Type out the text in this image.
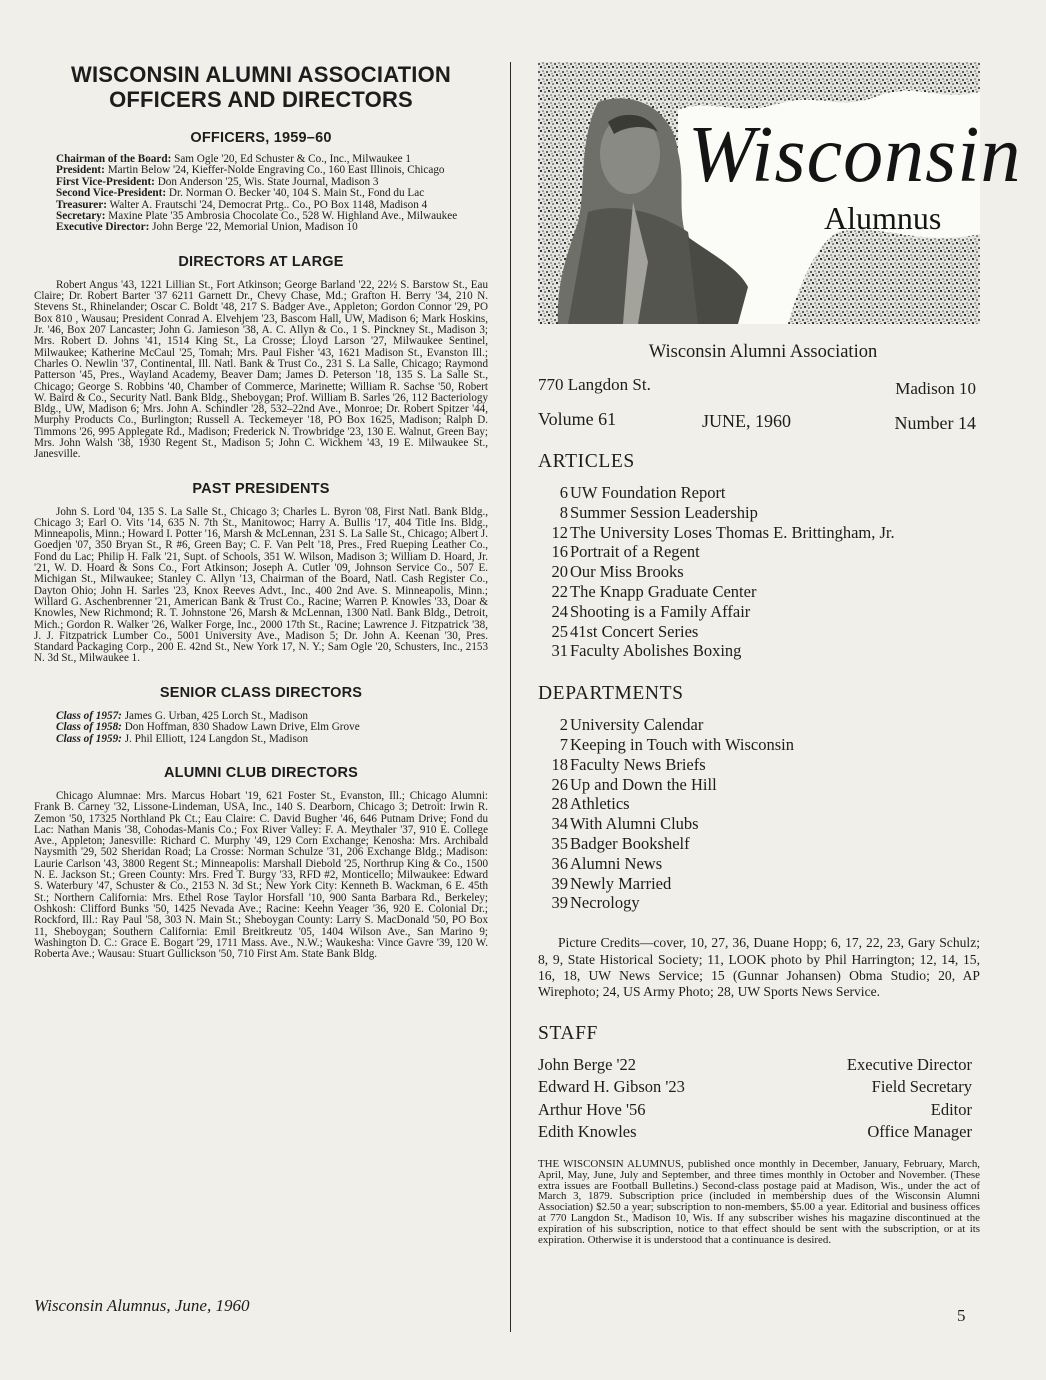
WISCONSIN ALUMNI ASSOCIATION
OFFICERS AND DIRECTORS
OFFICERS, 1959–60

Chairman of the Board: Sam Ogle '20, Ed Schuster & Co., Inc., Milwaukee 1

President: Martin Below '24, Kieffer-Nolde Engraving Co., 160 East Illinois, Chicago

First Vice-President: Don Anderson '25, Wis. State Journal, Madison 3

Second Vice-President: Dr. Norman O. Becker '40, 104 S. Main St., Fond du Lac

Treasurer: Walter A. Frautschi '24, Democrat Prtg.. Co., PO Box 1148, Madison 4

Secretary: Maxine Plate '35 Ambrosia Chocolate Co., 528 W. Highland Ave., Milwaukee

Executive Director: John Berge '22, Memorial Union, Madison 10

DIRECTORS AT LARGE

Robert Angus '43, 1221 Lillian St., Fort Atkinson; George Barland '22, 22½ S. Barstow St., Eau Claire; Dr. Robert Barter '37 6211 Garnett Dr., Chevy Chase, Md.; Grafton H. Berry '34, 210 N. Stevens St., Rhinelander; Oscar C. Boldt '48, 217 S. Badger Ave., Appleton; Gordon Connor '29, PO Box 810 , Wausau; President Conrad A. Elvehjem '23, Bascom Hall, UW, Madison 6; Mark Hoskins, Jr. '46, Box 207 Lancaster; John G. Jamieson '38, A. C. Allyn & Co., 1 S. Pinckney St., Madison 3; Mrs. Robert D. Johns '41, 1514 King St., La Crosse; Lloyd Larson '27, Milwaukee Sentinel, Milwaukee; Katherine McCaul '25, Tomah; Mrs. Paul Fisher '43, 1621 Madison St., Evanston Ill.; Charles O. Newlin '37, Continental, Ill. Natl. Bank & Trust Co., 231 S. La Salle, Chicago; Raymond Patterson '45, Pres., Wayland Academy, Beaver Dam; James D. Peterson '18, 135 S. La Salle St., Chicago; George S. Robbins '40, Chamber of Commerce, Marinette; William R. Sachse '50, Robert W. Baird & Co., Security Natl. Bank Bldg., Sheboygan; Prof. William B. Sarles '26, 112 Bacteriology Bldg., UW, Madison 6; Mrs. John A. Schindler '28, 532–22nd Ave., Monroe; Dr. Robert Spitzer '44, Murphy Products Co., Burlington; Russell A. Teckemeyer '18, PO Box 1625, Madison; Ralph D. Timmons '26, 995 Applegate Rd., Madison; Frederick N. Trowbridge '23, 130 E. Walnut, Green Bay; Mrs. John Walsh '38, 1930 Regent St., Madison 5; John C. Wickhem '43, 19 E. Milwaukee St., Janesville.

PAST PRESIDENTS

John S. Lord '04, 135 S. La Salle St., Chicago 3; Charles L. Byron '08, First Natl. Bank Bldg., Chicago 3; Earl O. Vits '14, 635 N. 7th St., Manitowoc; Harry A. Bullis '17, 404 Title Ins. Bldg., Minneapolis, Minn.; Howard I. Potter '16, Marsh & McLennan, 231 S. La Salle St., Chicago; Albert J. Goedjen '07, 350 Bryan St., R #6, Green Bay; C. F. Van Pelt '18, Pres., Fred Rueping Leather Co., Fond du Lac; Philip H. Falk '21, Supt. of Schools, 351 W. Wilson, Madison 3; William D. Hoard, Jr. '21, W. D. Hoard & Sons Co., Fort Atkinson; Joseph A. Cutler '09, Johnson Service Co., 507 E. Michigan St., Milwaukee; Stanley C. Allyn '13, Chairman of the Board, Natl. Cash Register Co., Dayton Ohio; John H. Sarles '23, Knox Reeves Advt., Inc., 400 2nd Ave. S. Minneapolis, Minn.; Willard G. Aschenbrenner '21, American Bank & Trust Co., Racine; Warren P. Knowles '33, Doar & Knowles, New Richmond; R. T. Johnstone '26, Marsh & McLennan, 1300 Natl. Bank Bldg., Detroit, Mich.; Gordon R. Walker '26, Walker Forge, Inc., 2000 17th St., Racine; Lawrence J. Fitzpatrick '38, J. J. Fitzpatrick Lumber Co., 5001 University Ave., Madison 5; Dr. John A. Keenan '30, Pres. Standard Packaging Corp., 200 E. 42nd St., New York 17, N. Y.; Sam Ogle '20, Schusters, Inc., 2153 N. 3d St., Milwaukee 1.

SENIOR CLASS DIRECTORS

Class of 1957: James G. Urban, 425 Lorch St., Madison

Class of 1958: Don Hoffman, 830 Shadow Lawn Drive, Elm Grove

Class of 1959: J. Phil Elliott, 124 Langdon St., Madison

ALUMNI CLUB DIRECTORS

Chicago Alumnae: Mrs. Marcus Hobart '19, 621 Foster St., Evanston, Ill.; Chicago Alumni: Frank B. Carney '32, Lissone-Lindeman, USA, Inc., 140 S. Dearborn, Chicago 3; Detroit: Irwin R. Zemon '50, 17325 Northland Pk Ct.; Eau Claire: C. David Bugher '46, 646 Putnam Drive; Fond du Lac: Nathan Manis '38, Cohodas-Manis Co.; Fox River Valley: F. A. Meythaler '37, 910 E. College Ave., Appleton; Janesville: Richard C. Murphy '49, 129 Corn Exchange; Kenosha: Mrs. Archibald Naysmith '29, 502 Sheridan Road; La Crosse: Norman Schulze '31, 206 Exchange Bldg.; Madison: Laurie Carlson '43, 3800 Regent St.; Minneapolis: Marshall Diebold '25, Northrup King & Co., 1500 N. E. Jackson St.; Green County: Mrs. Fred T. Burgy '33, RFD #2, Monticello; Milwaukee: Edward S. Waterbury '47, Schuster & Co., 2153 N. 3d St.; New York City: Kenneth B. Wackman, 6 E. 45th St.; Northern California: Mrs. Ethel Rose Taylor Horsfall '10, 900 Santa Barbara Rd., Berkeley; Oshkosh: Clifford Bunks '50, 1425 Nevada Ave.; Racine: Keehn Yeager '36, 920 E. Colonial Dr.; Rockford, Ill.: Ray Paul '58, 303 N. Main St.; Sheboygan County: Larry S. MacDonald '50, PO Box 11, Sheboygan; Southern California: Emil Breitkreutz '05, 1404 Wilson Ave., San Marino 9; Washington D. C.: Grace E. Bogart '29, 1711 Mass. Ave., N.W.; Waukesha: Vince Gavre '39, 120 W. Roberta Ave.; Wausau: Stuart Gullickson '50, 710 First Am. State Bank Bldg.

Wisconsin Alumnus, June, 1960
Wisconsin
Alumnus
Wisconsin Alumni Association
770 Langdon St.	Madison 10
Volume 61	JUNE, 1960	Number 14
ARTICLES
6 UW Foundation Report
8 Summer Session Leadership
12 The University Loses Thomas E. Brittingham, Jr.
16 Portrait of a Regent
20 Our Miss Brooks
22 The Knapp Graduate Center
24 Shooting is a Family Affair
25 41st Concert Series
31 Faculty Abolishes Boxing
DEPARTMENTS
2 University Calendar
7 Keeping in Touch with Wisconsin
18 Faculty News Briefs
26 Up and Down the Hill
28 Athletics
34 With Alumni Clubs
35 Badger Bookshelf
36 Alumni News
39 Newly Married
39 Necrology

Picture Credits—cover, 10, 27, 36, Duane Hopp; 6, 17, 22, 23, Gary Schulz; 8, 9, State Historical Society; 11, LOOK photo by Phil Harrington; 12, 14, 15, 16, 18, UW News Service; 15 (Gunnar Johansen) Obma Studio; 20, AP Wirephoto; 24, US Army Photo; 28, UW Sports News Service.

STAFF
John Berge '22	Executive Director
Edward H. Gibson '23	Field Secretary
Arthur Hove '56	Editor
Edith Knowles	Office Manager

THE WISCONSIN ALUMNUS, published once monthly in December, January, February, March, April, May, June, July and September, and three times monthly in October and November. (These extra issues are Football Bulletins.) Second-class postage paid at Madison, Wis., under the act of March 3, 1879. Subscription price (included in membership dues of the Wisconsin Alumni Association) $2.50 a year; subscription to non-members, $5.00 a year. Editorial and business offices at 770 Langdon St., Madison 10, Wis. If any subscriber wishes his magazine discontinued at the expiration of his subscription, notice to that effect should be sent with the subscription, or at its expiration. Otherwise it is understood that a continuance is desired.

5
